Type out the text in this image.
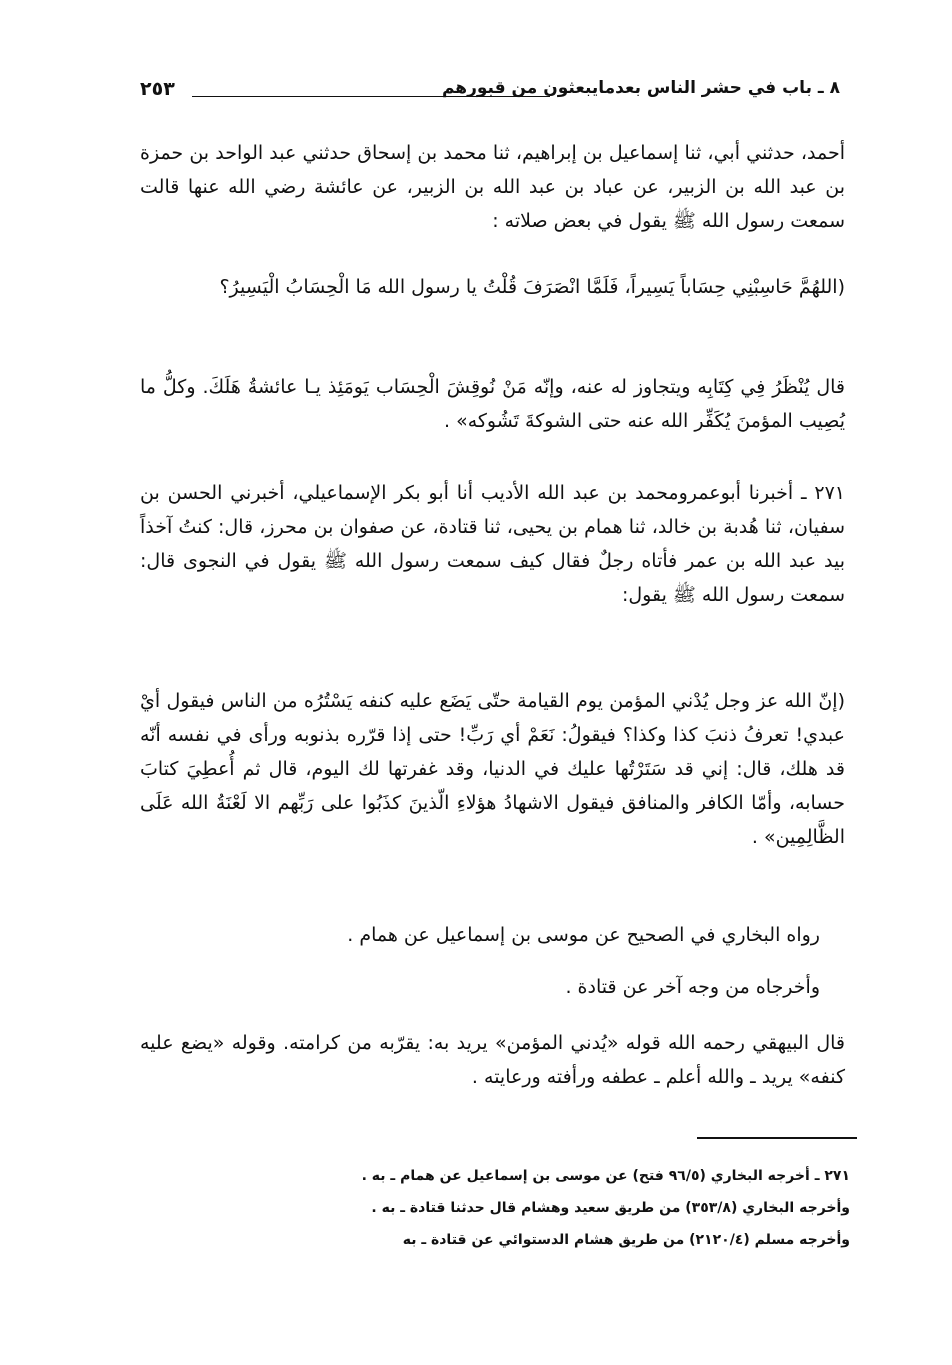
٨ ـ باب في حشر الناس بعدمايبعثون من قبورهم
٢٥٣

أحمد، حدثني أبي، ثنا إسماعيل بن إبراهيم، ثنا محمد بن إسحاق حدثني عبد الواحد بن حمزة بن عبد الله بن الزبير، عن عباد بن عبد الله بن الزبير، عن عائشة رضي الله عنها قالت سمعت رسول الله ﷺ يقول في بعض صلاته :

(اللهُمَّ حَاسِبْنِي حِسَاباً يَسِيراً، فَلَمَّا انْصَرَفَ قُلْتُ يا رسول الله مَا الْحِسَابُ الْيَسِيرُ؟

قال يُنْظَرُ فِي كِتَابِه ويتجاوز له عنه، وإنّه مَنْ نُوقِشَ الْحِسَاب يَومَئِذ يـا عائشةُ هَلَكَ. وكلُّ ما يُصِيب المؤمنَ يُكَفِّر الله عنه حتى الشوكةَ تَشُوكه» .

٢٧١ ـ أخبرنا أبوعمرومحمد بن عبد الله الأديب أنا أبو بكر الإسماعيلي، أخبرني الحسن بن سفيان، ثنا هُدبة بن خالد، ثنا همام بن يحيى، ثنا قتادة، عن صفوان بن محرز، قال: كنتُ آخذاً بيد عبد الله بن عمر فأتاه رجلٌ فقال كيف سمعت رسول الله ﷺ يقول في النجوى قال: سمعت رسول الله ﷺ يقول:

(إنّ الله عز وجل يُدْني المؤمن يوم القيامة حتّى يَضَع عليه كنفه يَسْتُرُه من الناس فيقول أيْ عبدي! تعرفُ ذنبَ كذا وكذا؟ فيقولُ: نَعَمْ أي رَبِّ! حتى إذا قرّره بذنوبه ورأى في نفسه أنّه قد هلك، قال: إني قد سَتَرْتُها عليك في الدنيا، وقد غفرتها لك اليوم، قال ثم أُعطِيَ كتابَ حسابه، وأمّا الكافر والمنافق فيقول الاشهادُ هؤلاءِ الّذينَ كذَبُوا على رَبِّهم الا لَعْنَةُ الله عَلَى الظَّالِمِين» .

رواه البخاري في الصحيح عن موسى بن إسماعيل عن همام .

وأخرجاه من وجه آخر عن قتادة .

قال البيهقي رحمه الله قوله «يُدني المؤمن» يريد به: يقرّبه من كرامته. وقوله «يضع عليه كنفه» يريد ـ والله أعلم ـ عطفه ورأفته ورعايته .

٢٧١ ـ أخرجه البخاري (٩٦/٥ فتح) عن موسى بن إسماعيل عن همام ـ به .

وأخرجه البخاري (٣٥٣/٨) من طريق سعيد وهشام قال حدثنا قتادة ـ به .

وأخرجه مسلم (٢١٢٠/٤) من طريق هشام الدستوائي عن قتادة ـ به
